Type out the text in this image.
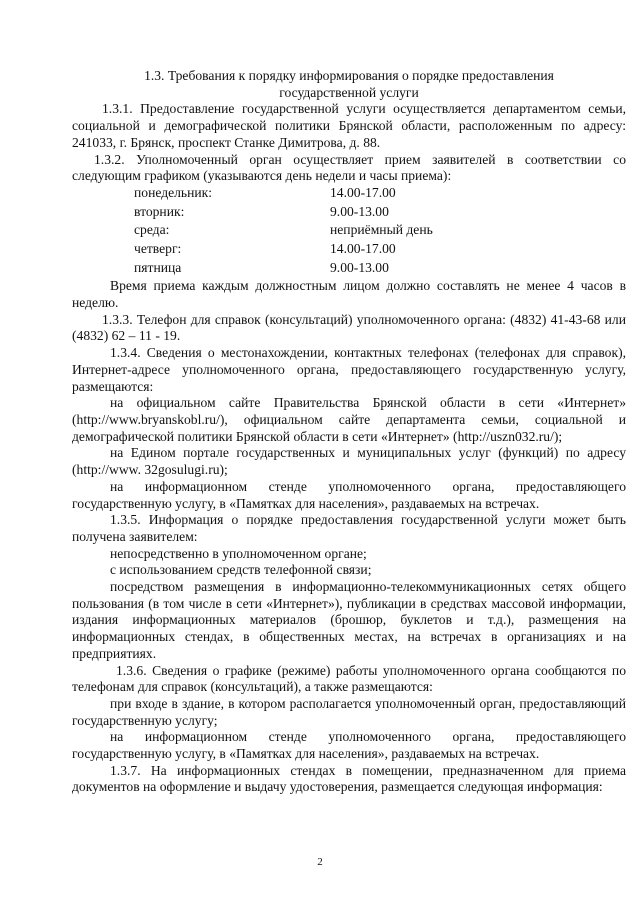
1.3. Требования к порядку информирования о порядке предоставления
государственной услуги

1.3.1. Предоставление государственной услуги осуществляется департаментом семьи, социальной и демографической политики Брянской области, расположенным по адресу: 241033, г. Брянск, проспект Станке Димитрова, д. 88.

1.3.2. Уполномоченный орган осуществляет прием заявителей в соответствии со следующим графиком (указываются день недели и часы приема):

понедельник:	14.00-17.00
вторник:	9.00-13.00
среда:	неприёмный день
четверг:	14.00-17.00
пятница	9.00-13.00

Время приема каждым должностным лицом должно составлять не менее 4 часов в неделю.

1.3.3. Телефон для справок (консультаций) уполномоченного органа: (4832) 41-43-68 или (4832) 62 – 11 - 19.

1.3.4. Сведения о местонахождении, контактных телефонах (телефонах для справок), Интернет-адресе уполномоченного органа, предоставляющего государственную услугу, размещаются:

на официальном сайте Правительства Брянской области в сети «Интернет» (http://www.bryanskobl.ru/), официальном сайте департамента семьи, социальной и демографической политики Брянской области в сети «Интернет» (http://uszn032.ru/);

на Едином портале государственных и муниципальных услуг (функций) по адресу (http://www. 32gosulugi.ru);

на информационном стенде уполномоченного органа, предоставляющего государственную услугу, в «Памятках для населения», раздаваемых на встречах.

1.3.5. Информация о порядке предоставления государственной услуги может быть получена заявителем:

непосредственно в уполномоченном органе;

с использованием средств телефонной связи;

посредством размещения в информационно-телекоммуникационных сетях общего пользования (в том числе в сети «Интернет»), публикации в средствах массовой информации, издания информационных материалов (брошюр, буклетов и т.д.), размещения на информационных стендах, в общественных местах, на встречах в организациях и на предприятиях.

1.3.6. Сведения о графике (режиме) работы уполномоченного органа сообщаются по телефонам для справок (консультаций), а также размещаются:

при входе в здание, в котором располагается уполномоченный орган, предоставляющий государственную услугу;

на информационном стенде уполномоченного органа, предоставляющего государственную услугу, в «Памятках для населения», раздаваемых на встречах.

1.3.7. На информационных стендах в помещении, предназначенном для приема документов на оформление и выдачу удостоверения, размещается следующая информация:

2
